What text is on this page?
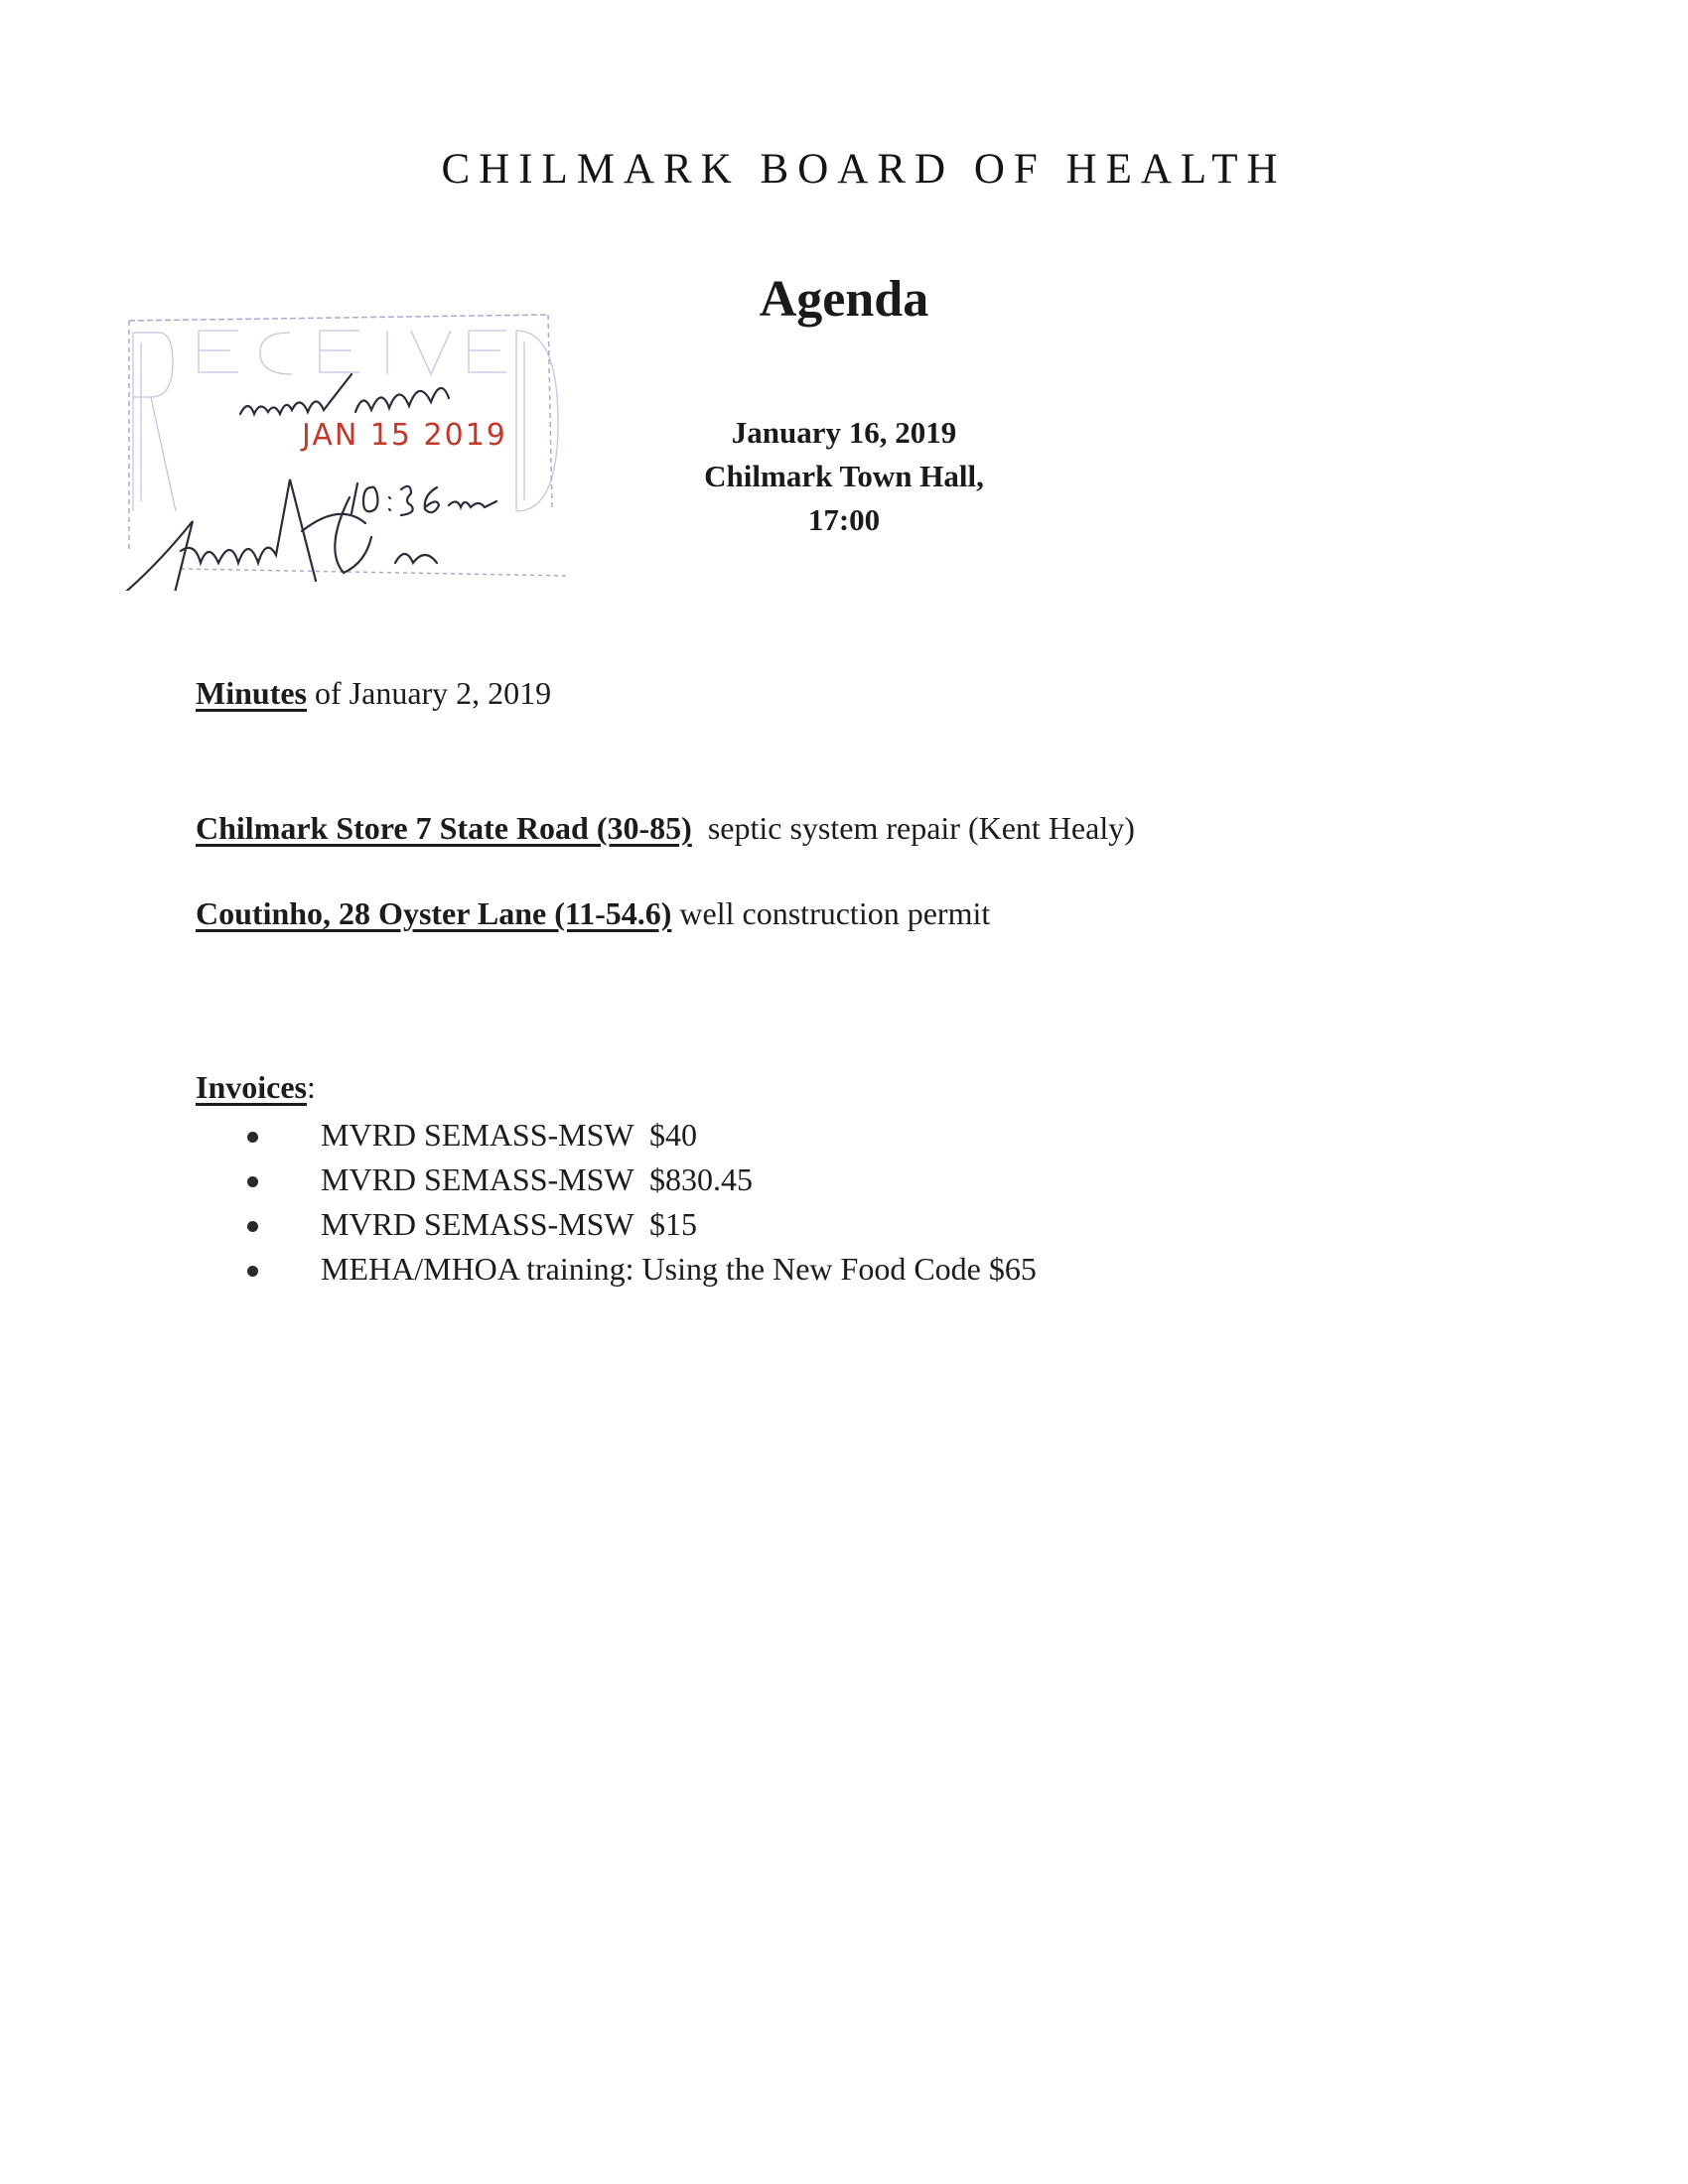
CHILMARK BOARD OF HEALTH
Agenda
January 16, 2019
Chilmark Town Hall,
17:00
JAN 15 2019
Minutes of January 2, 2019
Chilmark Store 7 State Road (30-85)  septic system repair (Kent Healy)
Coutinho, 28 Oyster Lane (11-54.6) well construction permit
Invoices:
MVRD SEMASS-MSW  $40
MVRD SEMASS-MSW  $830.45
MVRD SEMASS-MSW  $15
MEHA/MHOA training: Using the New Food Code $65
